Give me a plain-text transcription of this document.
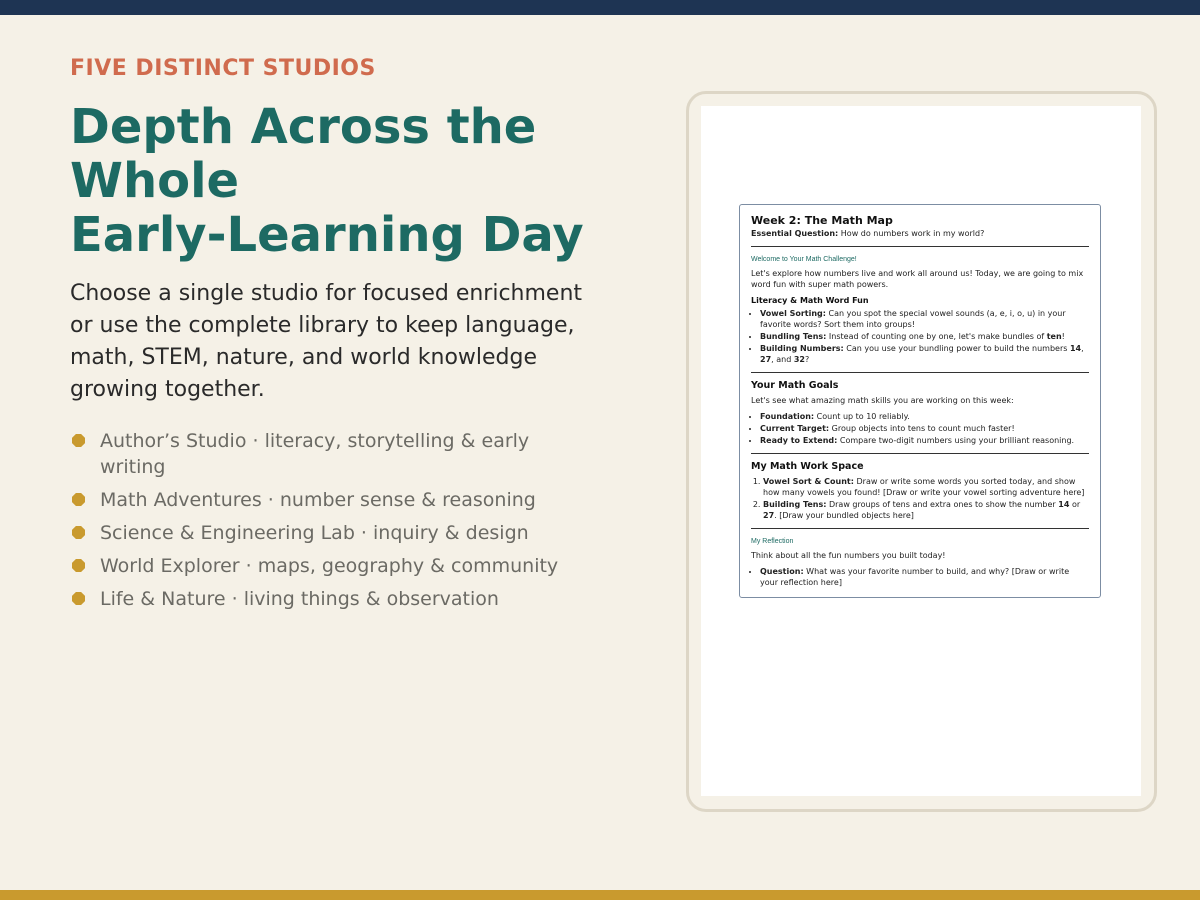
FIVE DISTINCT STUDIOS

Depth Across the
Whole
Early-Learning Day

Choose a single studio for focused enrichment or use the complete library to keep language, math, STEM, nature, and world knowledge growing together.

Author’s Studio · literacy, storytelling & early writing
Math Adventures · number sense & reasoning
Science & Engineering Lab · inquiry & design
World Explorer · maps, geography & community
Life & Nature · living things & observation
Week 2: The Math Map

Essential Question: How do numbers work in my world?

Welcome to Your Math Challenge!

Let's explore how numbers live and work all around us! Today, we are going to mix word fun with super math powers.

Literacy & Math Word Fun

• Vowel Sorting: Can you spot the special vowel sounds (a, e, i, o, u) in your favorite words? Sort them into groups!
• Bundling Tens: Instead of counting one by one, let's make bundles of ten!
• Building Numbers: Can you use your bundling power to build the numbers 14, 27, and 32?
Your Math Goals

Let's see what amazing math skills you are working on this week:

• Foundation: Count up to 10 reliably.
• Current Target: Group objects into tens to count much faster!
• Ready to Extend: Compare two-digit numbers using your brilliant reasoning.
My Math Work Space
1. Vowel Sort & Count: Draw or write some words you sorted today, and show how many vowels you found! [Draw or write your vowel sorting adventure here]
2. Building Tens: Draw groups of tens and extra ones to show the number 14 or 27. [Draw your bundled objects here]

My Reflection

Think about all the fun numbers you built today!

• Question: What was your favorite number to build, and why? [Draw or write your reflection here]
